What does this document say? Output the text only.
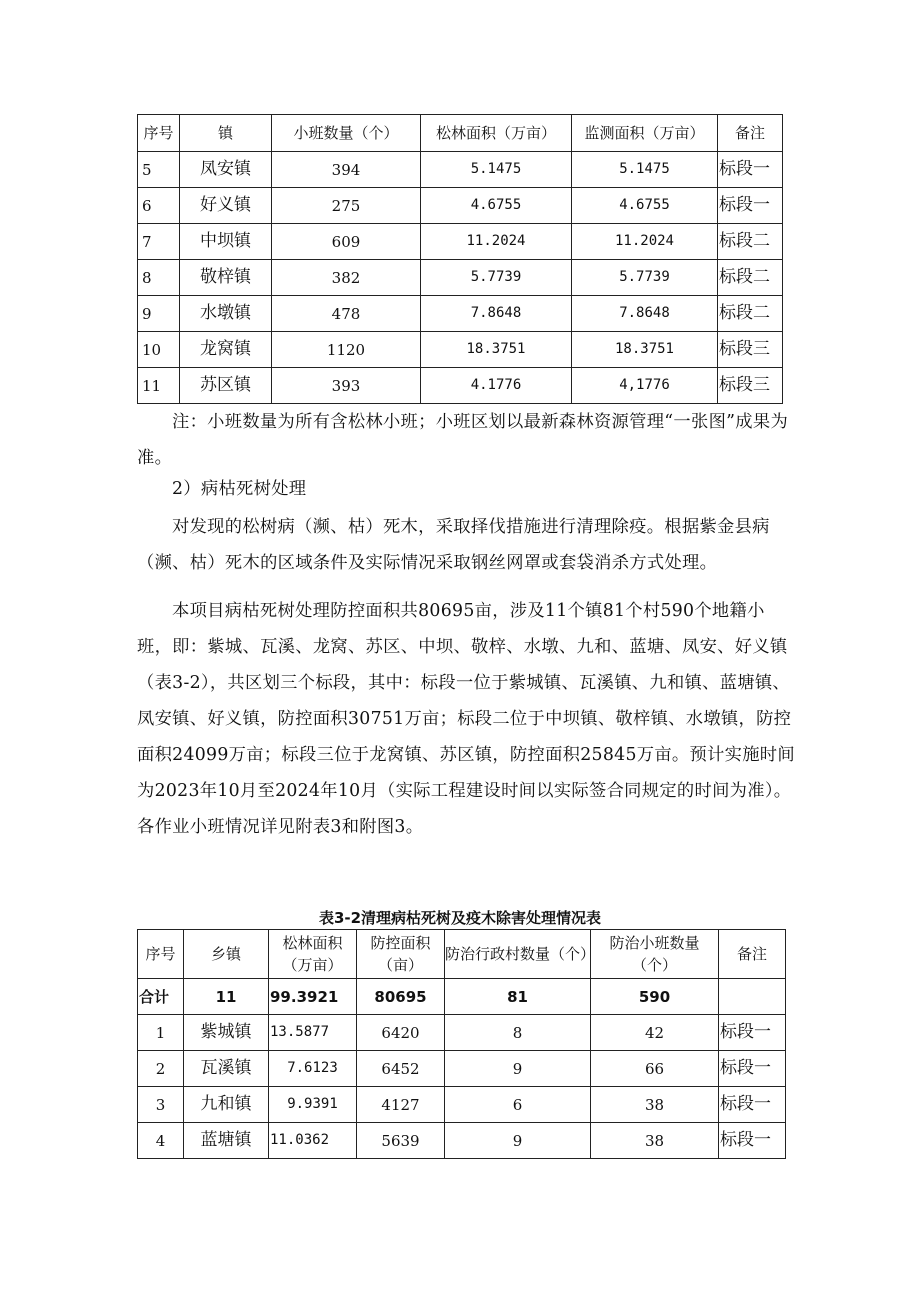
序号	镇	小班数量（个）	松林面积（万亩）	监测面积（万亩）	备注
5	凤安镇	394	5.1475	5.1475	标段一
6	好义镇	275	4.6755	4.6755	标段一
7	中坝镇	609	11.2024	11.2024	标段二
8	敬梓镇	382	5.7739	5.7739	标段二
9	水墩镇	478	7.8648	7.8648	标段二
10	龙窝镇	1120	18.3751	18.3751	标段三
11	苏区镇	393	4.1776	4,1776	标段三

注：小班数量为所有含松林小班；小班区划以最新森林资源管理“一张图”成果为准。

2）病枯死树处理

对发现的松树病（濒、枯）死木，采取择伐措施进行清理除疫。根据紫金县病（濒、枯）死木的区域条件及实际情况采取钢丝网罩或套袋消杀方式处理。

本项目病枯死树处理防控面积共80695亩，涉及11个镇81个村590个地籍小班，即：紫城、瓦溪、龙窝、苏区、中坝、敬梓、水墩、九和、蓝塘、凤安、好义镇（表3-2），共区划三个标段，其中：标段一位于紫城镇、瓦溪镇、九和镇、蓝塘镇、凤安镇、好义镇，防控面积30751万亩；标段二位于中坝镇、敬梓镇、水墩镇，防控面积24099万亩；标段三位于龙窝镇、苏区镇，防控面积25845万亩。预计实施时间为2023年10月至2024年10月（实际工程建设时间以实际签合同规定的时间为准）。各作业小班情况详见附表3和附图3。

表3-2清理病枯死树及疫木除害处理情况表
序号	乡镇	松林面积（万亩）	防控面积（亩）	防治行政村数量（个）	防治小班数量（个）	备注
合计	11	99.3921	80695	81	590	
1	紫城镇	13.5877	6420	8	42	标段一
2	瓦溪镇	7.6123	6452	9	66	标段一
3	九和镇	9.9391	4127	6	38	标段一
4	蓝塘镇	11.0362	5639	9	38	标段一
